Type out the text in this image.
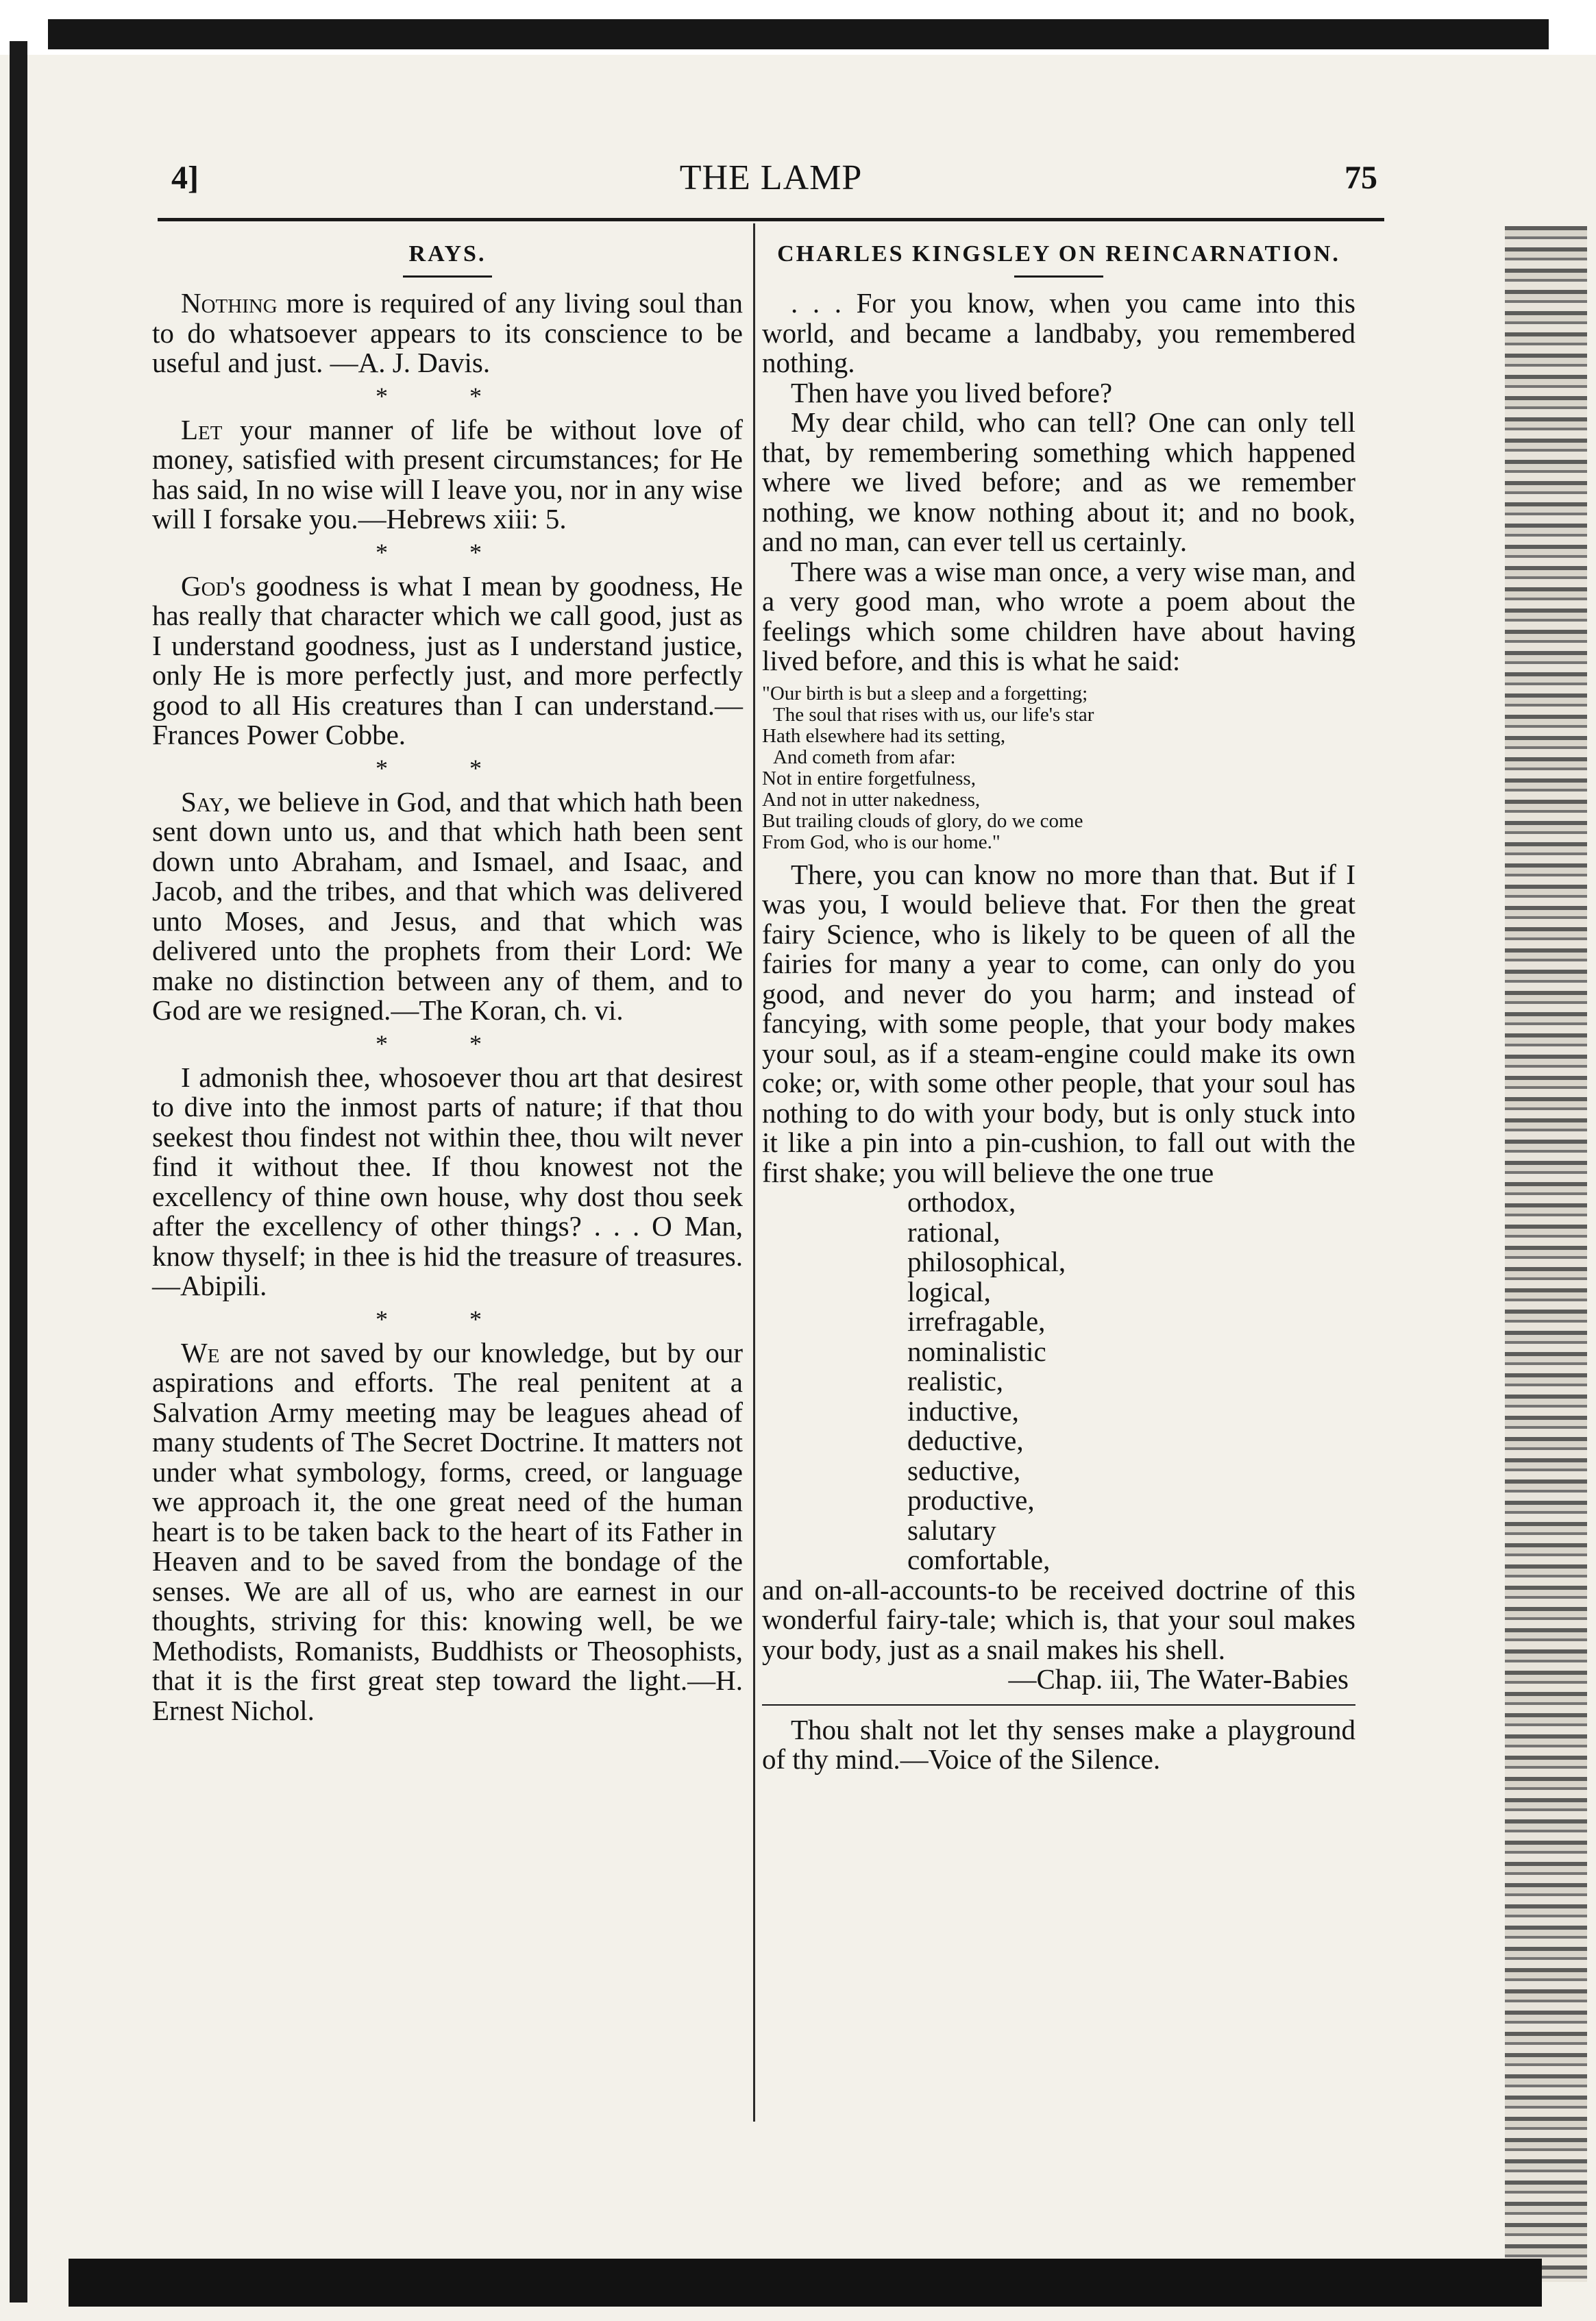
4]	THE LAMP	75
RAYS.

Nothing more is required of any living soul than to do whatsoever appears to its conscience to be useful and just. —A. J. Davis.

* *

Let your manner of life be without love of money, satisfied with present circumstances; for He has said, In no wise will I leave you, nor in any wise will I forsake you.—Hebrews xiii: 5.

* *

God's goodness is what I mean by goodness, He has really that character which we call good, just as I understand goodness, just as I understand justice, only He is more perfectly just, and more perfectly good to all His creatures than I can understand.—Frances Power Cobbe.

* *

Say, we believe in God, and that which hath been sent down unto us, and that which hath been sent down unto Abraham, and Ismael, and Isaac, and Jacob, and the tribes, and that which was delivered unto Moses, and Jesus, and that which was delivered unto the prophets from their Lord: We make no distinction between any of them, and to God are we resigned.—The Koran, ch. vi.

* *

I admonish thee, whosoever thou art that desirest to dive into the inmost parts of nature; if that thou seekest thou findest not within thee, thou wilt never find it without thee. If thou knowest not the excellency of thine own house, why dost thou seek after the excellency of other things? . . . O Man, know thyself; in thee is hid the treasure of treasures.—Abipili.

* *

We are not saved by our knowledge, but by our aspirations and efforts. The real penitent at a Salvation Army meeting may be leagues ahead of many students of The Secret Doctrine. It matters not under what symbology, forms, creed, or language we approach it, the one great need of the human heart is to be taken back to the heart of its Father in Heaven and to be saved from the bondage of the senses. We are all of us, who are earnest in our thoughts, striving for this: knowing well, be we Methodists, Romanists, Buddhists or Theosophists, that it is the first great step toward the light.—H. Ernest Nichol.

CHARLES KINGSLEY ON REINCARNATION.

. . . For you know, when you came into this world, and became a landbaby, you remembered nothing.

Then have you lived before?

My dear child, who can tell? One can only tell that, by remembering something which happened where we lived before; and as we remember nothing, we know nothing about it; and no book, and no man, can ever tell us certainly.

There was a wise man once, a very wise man, and a very good man, who wrote a poem about the feelings which some children have about having lived before, and this is what he said:

"Our birth is but a sleep and a forgetting;
The soul that rises with us, our life's star
Hath elsewhere had its setting,
And cometh from afar:
Not in entire forgetfulness,
And not in utter nakedness,
But trailing clouds of glory, do we come
From God, who is our home."

There, you can know no more than that. But if I was you, I would believe that. For then the great fairy Science, who is likely to be queen of all the fairies for many a year to come, can only do you good, and never do you harm; and instead of fancying, with some people, that your body makes your soul, as if a steam-engine could make its own coke; or, with some other people, that your soul has nothing to do with your body, but is only stuck into it like a pin into a pin-cushion, to fall out with the first shake; you will believe the one true

orthodox,
rational,
philosophical,
logical,
irrefragable,
nominalistic
realistic,
inductive,
deductive,
seductive,
productive,
salutary
comfortable,

and on-all-accounts-to be received doctrine of this wonderful fairy-tale; which is, that your soul makes your body, just as a snail makes his shell.

—Chap. iii, The Water-Babies

Thou shalt not let thy senses make a playground of thy mind.—Voice of the Silence.
